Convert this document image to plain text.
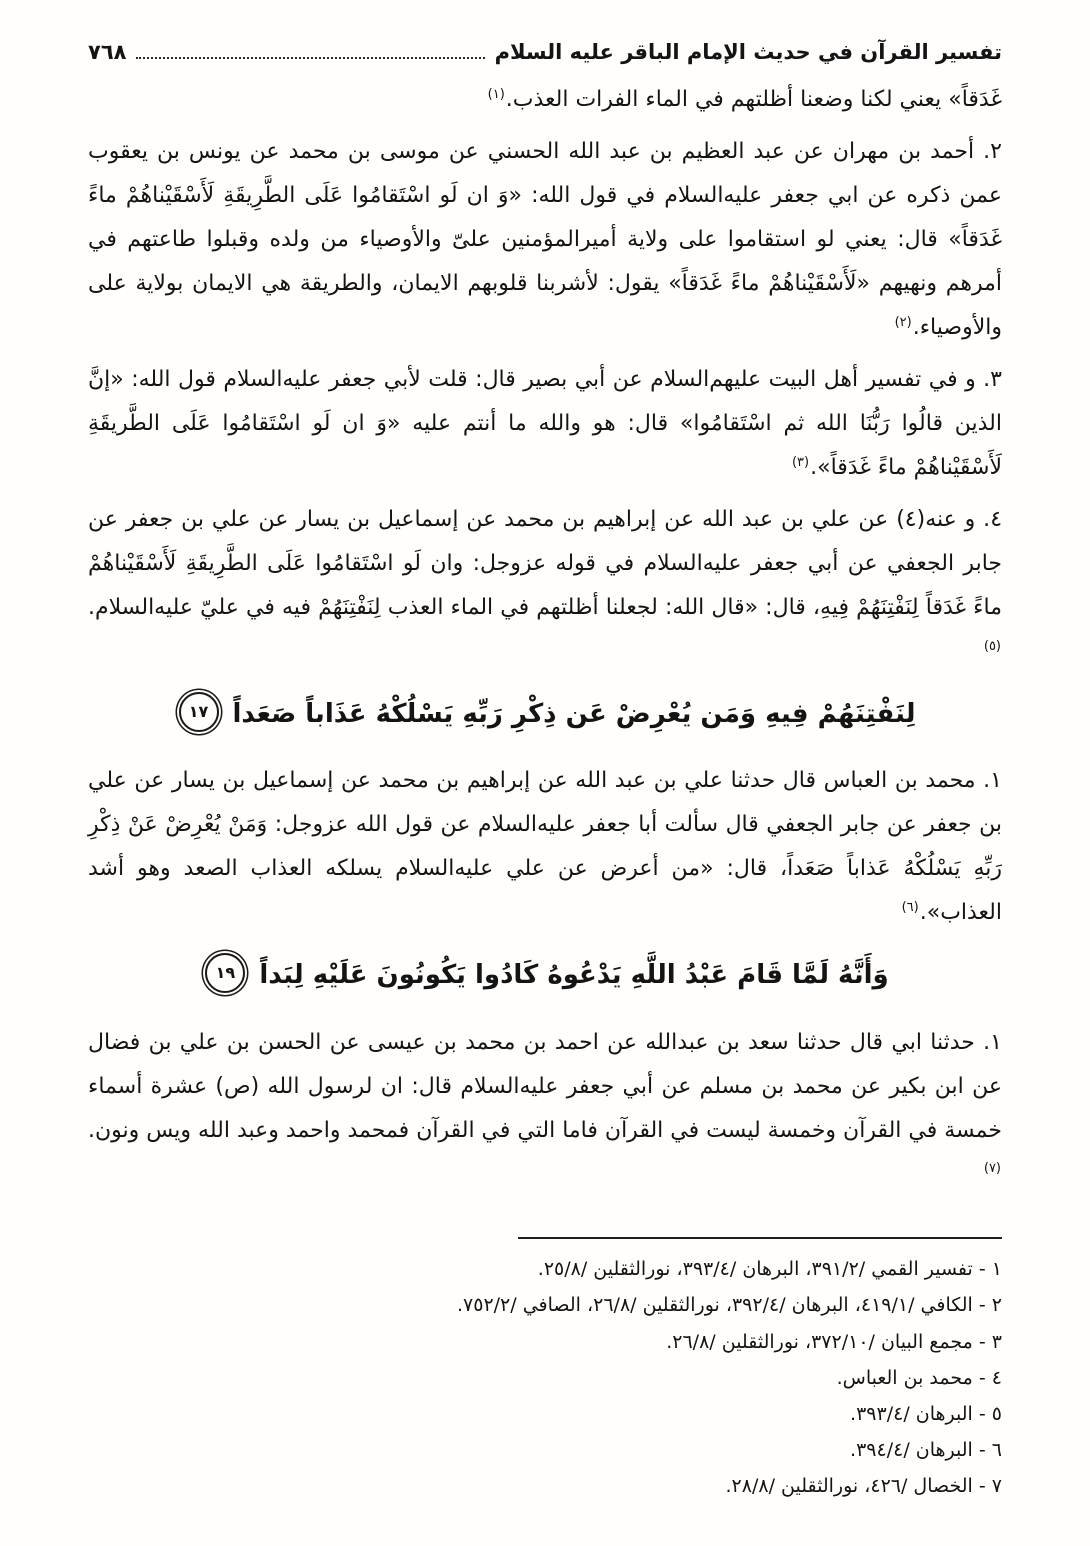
تفسير القرآن في حديث الإمام الباقر عليه السلام
٧٦٨

غَدَقاً» يعني لكنا وضعنا أظلتهم في الماء الفرات العذب.$^{(١)}$

٢. أحمد بن مهران عن عبد العظيم بن عبد الله الحسني عن موسى بن محمد عن يونس بن يعقوب عمن ذكره عن ابي جعفر عليه‌السلام في قول الله: «وَ ان لَو اسْتَقامُوا عَلَى الطَّرِيقَةِ لَأَسْقَيْناهُمْ ماءً غَدَقاً» قال: يعني لو استقاموا على ولاية أميرالمؤمنين علىّ والأوصياء من ولده وقبلوا طاعتهم في أمرهم ونهيهم «لَأَسْقَيْناهُمْ ماءً غَدَقاً» يقول: لأشربنا قلوبهم الايمان، والطريقة هي الايمان بولاية على والأوصياء.$^{(٢)}$

٣. و في تفسير أهل البيت عليهم‌السلام عن أبي بصير قال: قلت لأبي جعفر عليه‌السلام قول الله: «إنَّ الذين قالُوا رَبُّنَا الله ثم اسْتَقامُوا» قال: هو والله ما أنتم عليه «وَ ان لَو اسْتَقامُوا عَلَى الطَّريقَةِ لَأَسْقَيْناهُمْ ماءً غَدَقاً».$^{(٣)}$

٤. و عنه(٤) عن علي بن عبد الله عن إبراهيم بن محمد عن إسماعيل بن يسار عن علي بن جعفر عن جابر الجعفي عن أبي جعفر عليه‌السلام في قوله عزوجل: وان لَو اسْتَقامُوا عَلَى الطَّرِيقَةِ لَأَسْقَيْناهُمْ ماءً غَدَقاً لِنَفْتِنَهُمْ فِيهِ، قال: «قال الله: لجعلنا أظلتهم في الماء العذب لِنَفْتِنَهُمْ فيه في عليّ عليه‌السلام.$^{(٥)}$

لِنَفْتِنَهُمْ فِيهِ وَمَن يُعْرِضْ عَن ذِكْرِ رَبِّهِ يَسْلُكْهُ عَذَاباً صَعَداً
١٧

١. محمد بن العباس قال حدثنا علي بن عبد الله عن إبراهيم بن محمد عن إسماعيل بن يسار عن علي بن جعفر عن جابر الجعفي قال سألت أبا جعفر عليه‌السلام عن قول الله عزوجل: وَمَنْ يُعْرِضْ عَنْ ذِكْرِ رَبِّهِ يَسْلُكْهُ عَذاباً صَعَداً، قال: «من أعرض عن علي عليه‌السلام يسلكه العذاب الصعد وهو أشد العذاب».$^{(٦)}$

وَأَنَّهُ لَمَّا قَامَ عَبْدُ اللَّهِ يَدْعُوهُ كَادُوا يَكُونُونَ عَلَيْهِ لِبَداً
١٩

١. حدثنا ابي قال حدثنا سعد بن عبدالله عن احمد بن محمد بن عيسى عن الحسن بن علي بن فضال عن ابن بكير عن محمد بن مسلم عن أبي جعفر عليه‌السلام قال: ان لرسول الله (ص) عشرة أسماء خمسة في القرآن وخمسة ليست في القرآن فاما التي في القرآن فمحمد واحمد وعبد الله ويس ونون.$^{(٧)}$

١ - تفسير القمي /٣٩١/٢، البرهان /٣٩٣/٤، نورالثقلين /٢٥/٨.
٢ - الكافي /٤١٩/١، البرهان /٣٩٢/٤، نورالثقلين /٢٦/٨، الصافي /٧٥٢/٢.
٣ - مجمع البيان /٣٧٢/١٠، نورالثقلين /٢٦/٨.
٤ - محمد بن العباس.
٥ - البرهان /٣٩٣/٤.
٦ - البرهان /٣٩٤/٤.
٧ - الخصال /٤٢٦، نورالثقلين /٢٨/٨.
